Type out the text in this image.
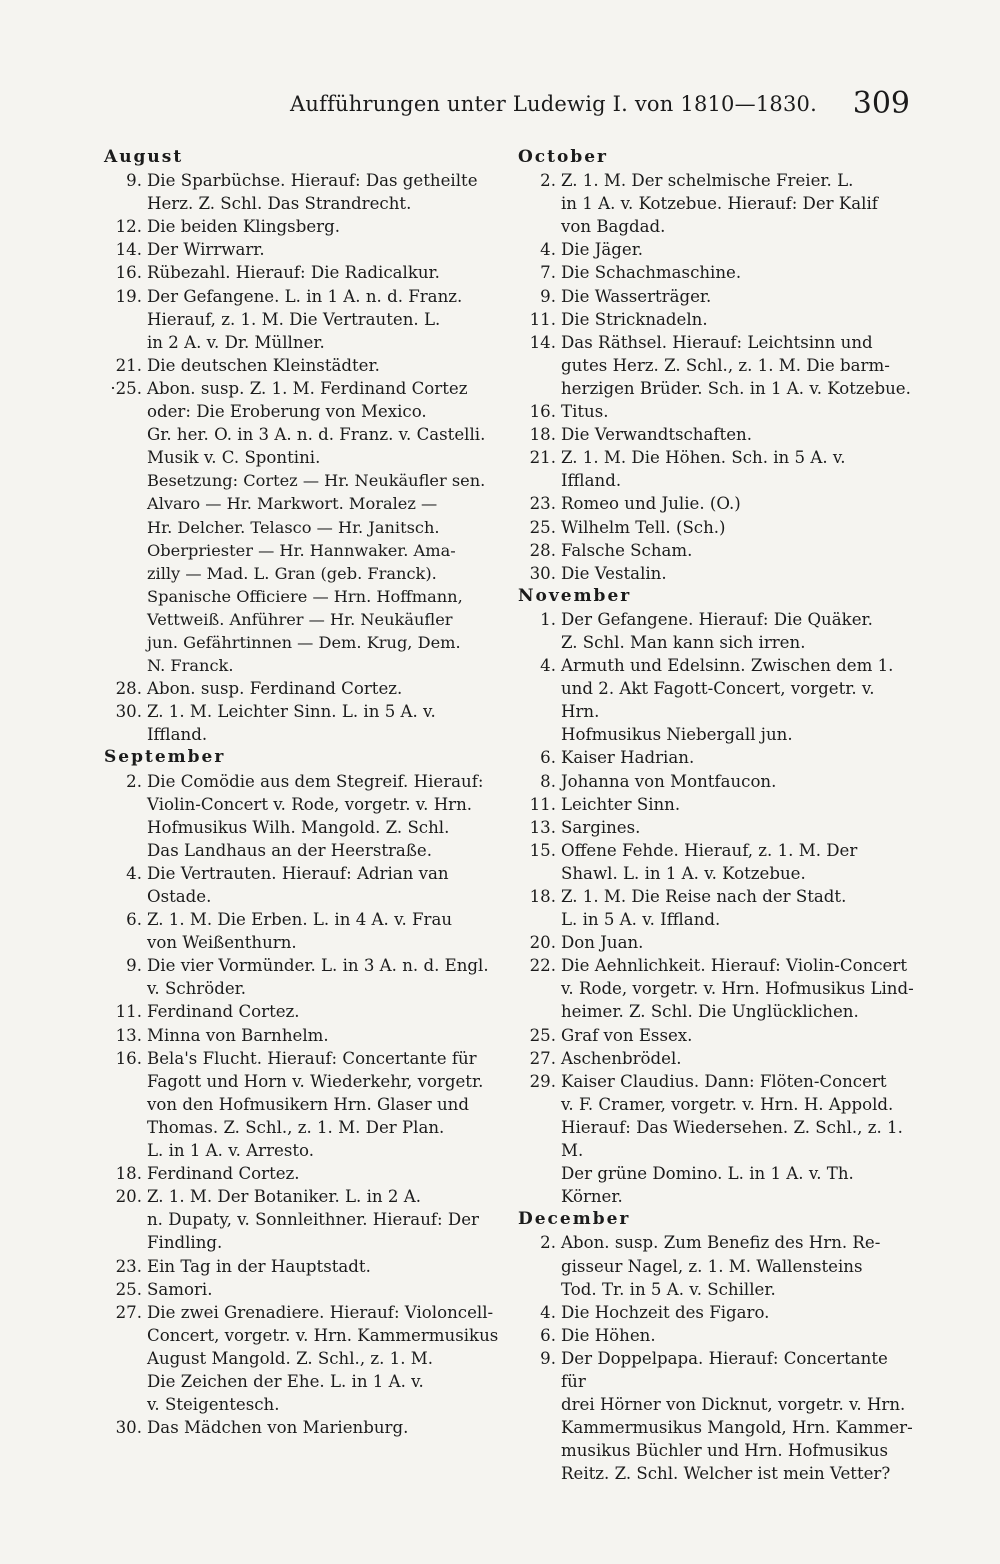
Aufführungen unter Ludewig I. von 1810—1830. 309

August

9. Die Sparbüchse. Hierauf: Das getheilte
Herz. Z. Schl. Das Strandrecht.
12. Die beiden Klingsberg.
14. Der Wirrwarr.
16. Rübezahl. Hierauf: Die Radicalkur.
19. Der Gefangene. L. in 1 A. n. d. Franz.
Hierauf, z. 1. M. Die Vertrauten. L.
in 2 A. v. Dr. Müllner.
21. Die deutschen Kleinstädter.
·25. Abon. susp. Z. 1. M. Ferdinand Cortez
oder: Die Eroberung von Mexico.
Gr. her. O. in 3 A. n. d. Franz. v. Castelli.
Musik v. C. Spontini.
Besetzung: Cortez — Hr. Neukäufler sen.
Alvaro — Hr. Markwort. Moralez —
Hr. Delcher. Telasco — Hr. Janitsch.
Oberpriester — Hr. Hannwaker. Ama-
zilly — Mad. L. Gran (geb. Franck).
Spanische Officiere — Hrn. Hoffmann,
Vettweiß. Anführer — Hr. Neukäufler
jun. Gefährtinnen — Dem. Krug, Dem.
N. Franck.
28. Abon. susp. Ferdinand Cortez.
30. Z. 1. M. Leichter Sinn. L. in 5 A. v.
Iffland.

September

2. Die Comödie aus dem Stegreif. Hierauf:
Violin-Concert v. Rode, vorgetr. v. Hrn.
Hofmusikus Wilh. Mangold. Z. Schl.
Das Landhaus an der Heerstraße.
4. Die Vertrauten. Hierauf: Adrian van
Ostade.
6. Z. 1. M. Die Erben. L. in 4 A. v. Frau
von Weißenthurn.
9. Die vier Vormünder. L. in 3 A. n. d. Engl.
v. Schröder.
11. Ferdinand Cortez.
13. Minna von Barnhelm.
16. Bela's Flucht. Hierauf: Concertante für
Fagott und Horn v. Wiederkehr, vorgetr.
von den Hofmusikern Hrn. Glaser und
Thomas. Z. Schl., z. 1. M. Der Plan.
L. in 1 A. v. Arresto.
18. Ferdinand Cortez.
20. Z. 1. M. Der Botaniker. L. in 2 A.
n. Dupaty, v. Sonnleithner. Hierauf: Der
Findling.
23. Ein Tag in der Hauptstadt.
25. Samori.
27. Die zwei Grenadiere. Hierauf: Violoncell-
Concert, vorgetr. v. Hrn. Kammermusikus
August Mangold. Z. Schl., z. 1. M.
Die Zeichen der Ehe. L. in 1 A. v.
v. Steigentesch.
30. Das Mädchen von Marienburg.

October

2. Z. 1. M. Der schelmische Freier. L.
in 1 A. v. Kotzebue. Hierauf: Der Kalif
von Bagdad.
4. Die Jäger.
7. Die Schachmaschine.
9. Die Wasserträger.
11. Die Stricknadeln.
14. Das Räthsel. Hierauf: Leichtsinn und
gutes Herz. Z. Schl., z. 1. M. Die barm-
herzigen Brüder. Sch. in 1 A. v. Kotzebue.
16. Titus.
18. Die Verwandtschaften.
21. Z. 1. M. Die Höhen. Sch. in 5 A. v.
Iffland.
23. Romeo und Julie. (O.)
25. Wilhelm Tell. (Sch.)
28. Falsche Scham.
30. Die Vestalin.

November

1. Der Gefangene. Hierauf: Die Quäker.
Z. Schl. Man kann sich irren.
4. Armuth und Edelsinn. Zwischen dem 1.
und 2. Akt Fagott-Concert, vorgetr. v. Hrn.
Hofmusikus Niebergall jun.
6. Kaiser Hadrian.
8. Johanna von Montfaucon.
11. Leichter Sinn.
13. Sargines.
15. Offene Fehde. Hierauf, z. 1. M. Der
Shawl. L. in 1 A. v. Kotzebue.
18. Z. 1. M. Die Reise nach der Stadt.
L. in 5 A. v. Iffland.
20. Don Juan.
22. Die Aehnlichkeit. Hierauf: Violin-Concert
v. Rode, vorgetr. v. Hrn. Hofmusikus Lind-
heimer. Z. Schl. Die Unglücklichen.
25. Graf von Essex.
27. Aschenbrödel.
29. Kaiser Claudius. Dann: Flöten-Concert
v. F. Cramer, vorgetr. v. Hrn. H. Appold.
Hierauf: Das Wiedersehen. Z. Schl., z. 1. M.
Der grüne Domino. L. in 1 A. v. Th.
Körner.

December

2. Abon. susp. Zum Benefiz des Hrn. Re-
gisseur Nagel, z. 1. M. Wallensteins
Tod. Tr. in 5 A. v. Schiller.
4. Die Hochzeit des Figaro.
6. Die Höhen.
9. Der Doppelpapa. Hierauf: Concertante für
drei Hörner von Dicknut, vorgetr. v. Hrn.
Kammermusikus Mangold, Hrn. Kammer-
musikus Büchler und Hrn. Hofmusikus
Reitz. Z. Schl. Welcher ist mein Vetter?
